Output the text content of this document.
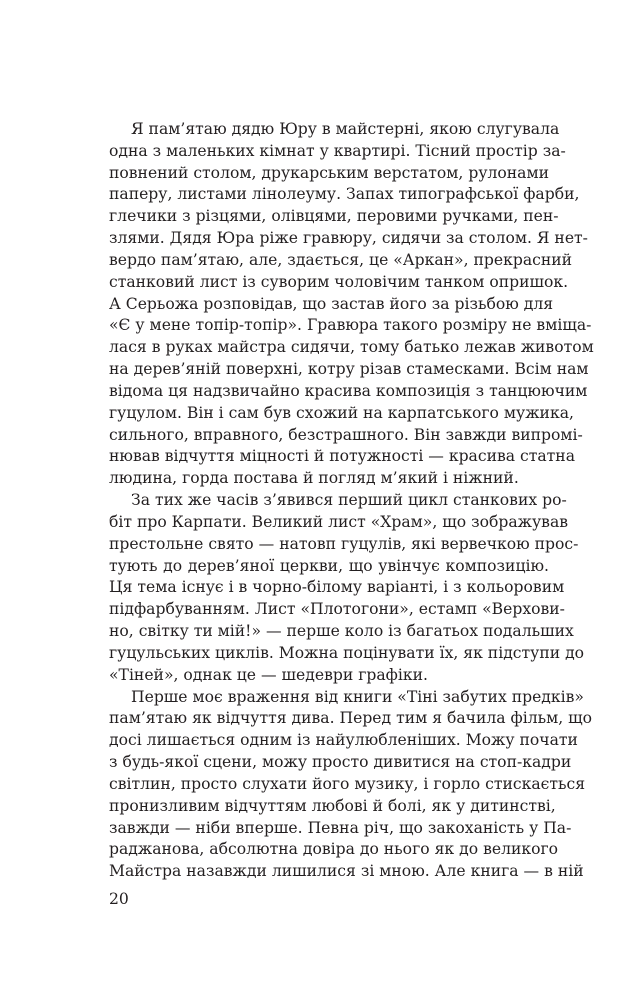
Я пам’ятаю дядю Юру в майстерні, якою слугувала
одна з маленьких кімнат у квартирі. Тісний простір за-
повнений столом, друкарським верстатом, рулонами
паперу, листами лінолеуму. Запах типографської фарби,
глечики з різцями, олівцями, перовими ручками, пен-
злями. Дядя Юра ріже гравюру, сидячи за столом. Я нет-
вердо пам’ятаю, але, здається, це «Аркан», прекрасний
станковий лист із суворим чоловічим танком опришок.
А Серьожа розповідав, що застав його за різьбою для
«Є у мене топір-топір». Гравюра такого розміру не вміща-
лася в руках майстра сидячи, тому батько лежав животом
на дерев’яній поверхні, котру різав стамесками. Всім нам
відома ця надзвичайно красива композиція з танцюючим
гуцулом. Він і сам був схожий на карпатського мужика,
сильного, вправного, безстрашного. Він завжди випромі-
нював відчуття міцності й потужності — красива статна
людина, горда постава й погляд м’який і ніжний.
За тих же часів з’явився перший цикл станкових ро-
біт про Карпати. Великий лист «Храм», що зображував
престольне свято — натовп гуцулів, які вервечкою прос-
тують до дерев’яної церкви, що увінчує композицію.
Ця тема існує і в чорно-білому варіанті, і з кольоровим
підфарбуванням. Лист «Плотогони», естамп «Верхови-
но, світку ти мій!» — перше коло із багатьох подальших
гуцульських циклів. Можна поцінувати їх, як підступи до
«Тіней», однак це — шедеври графіки.
Перше моє враження від книги «Тіні забутих предків»
пам’ятаю як відчуття дива. Перед тим я бачила фільм, що
досі лишається одним із найулюбленіших. Можу почати
з будь-якої сцени, можу просто дивитися на стоп-кадри
світлин, просто слухати його музику, і горло стискається
пронизливим відчуттям любові й болі, як у дитинстві,
завжди — ніби вперше. Певна річ, що закоханість у Па-
раджанова, абсолютна довіра до нього як до великого
Майстра назавжди лишилися зі мною. Але книга — в ній
20
